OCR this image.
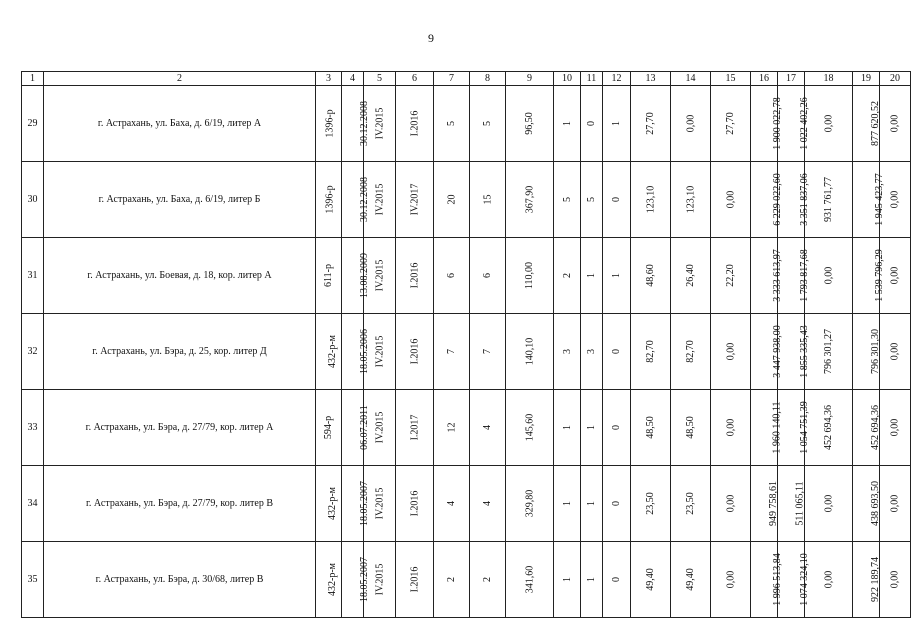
9
1	2	3	4	5	6	7	8	9	10	11	12	13	14	15	16	17	18	19	20
29	г. Астрахань, ул. Баха, д. 6/19, литер А	1396-р	30.12.2008	IV.2015	I.2016	5	5	96,50	1	0	1	27,70	0,00	27,70	1 900 022,78	1 022 402,26	0,00	877 620,52	0,00
30	г. Астрахань, ул. Баха, д. 6/19, литер Б	1396-р	30.12.2008	IV.2015	IV.2017	20	15	367,90	5	5	0	123,10	123,10	0,00	6 229 022,60	3 351 837,06	931 761,77	1 945 423,77	0,00
31	г. Астрахань, ул. Боевая, д. 18, кор. литер А	611-р	13.08.2009	IV.2015	I.2016	6	6	110,00	2	1	1	48,60	26,40	22,20	3 333 613,97	1 793 817,68	0,00	1 539 796,29	0,00
32	г. Астрахань, ул. Бэра, д. 25, кор. литер Д	432-р-м	18.05.2006	IV.2015	I.2016	7	7	140,10	3	3	0	82,70	82,70	0,00	3 447 938,00	1 855 335,43	796 301,27	796 301,30	0,00
33	г. Астрахань, ул. Бэра, д. 27/79, кор. литер А	594-р	06.07.2011	IV.2015	I.2017	12	4	145,60	1	1	0	48,50	48,50	0,00	1 960 140,11	1 054 751,39	452 694,36	452 694,36	0,00
34	г. Астрахань, ул. Бэра, д. 27/79, кор. литер В	432-р-м	18.05.2007	IV.2015	I.2016	4	4	329,80	1	1	0	23,50	23,50	0,00	949 758,61	511 065,11	0,00	438 693,50	0,00
35	г. Астрахань, ул. Бэра, д. 30/68, литер В	432-р-м	18.05.2007	IV.2015	I.2016	2	2	341,60	1	1	0	49,40	49,40	0,00	1 996 513,84	1 074 324,10	0,00	922 189,74	0,00
